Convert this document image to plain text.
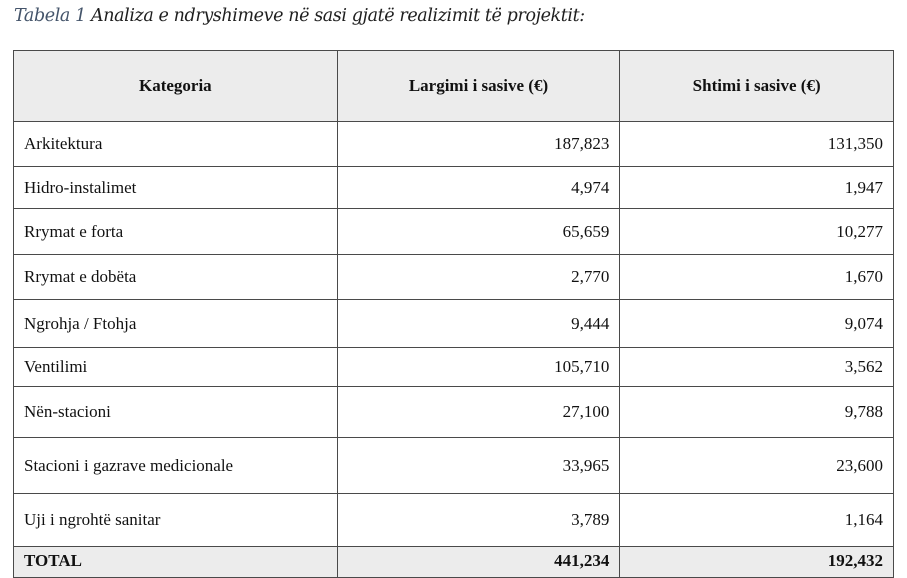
Tabela 1 Analiza e ndryshimeve në sasi gjatë realizimit të projektit:
Kategoria	Largimi i sasive (€)	Shtimi i sasive (€)
Arkitektura	187,823	131,350
Hidro-instalimet	4,974	1,947
Rrymat e forta	65,659	10,277
Rrymat e dobëta	2,770	1,670
Ngrohja / Ftohja	9,444	9,074
Ventilimi	105,710	3,562
Nën-stacioni	27,100	9,788
Stacioni i gazrave medicionale	33,965	23,600
Uji i ngrohtë sanitar	3,789	1,164
TOTAL	441,234	192,432
